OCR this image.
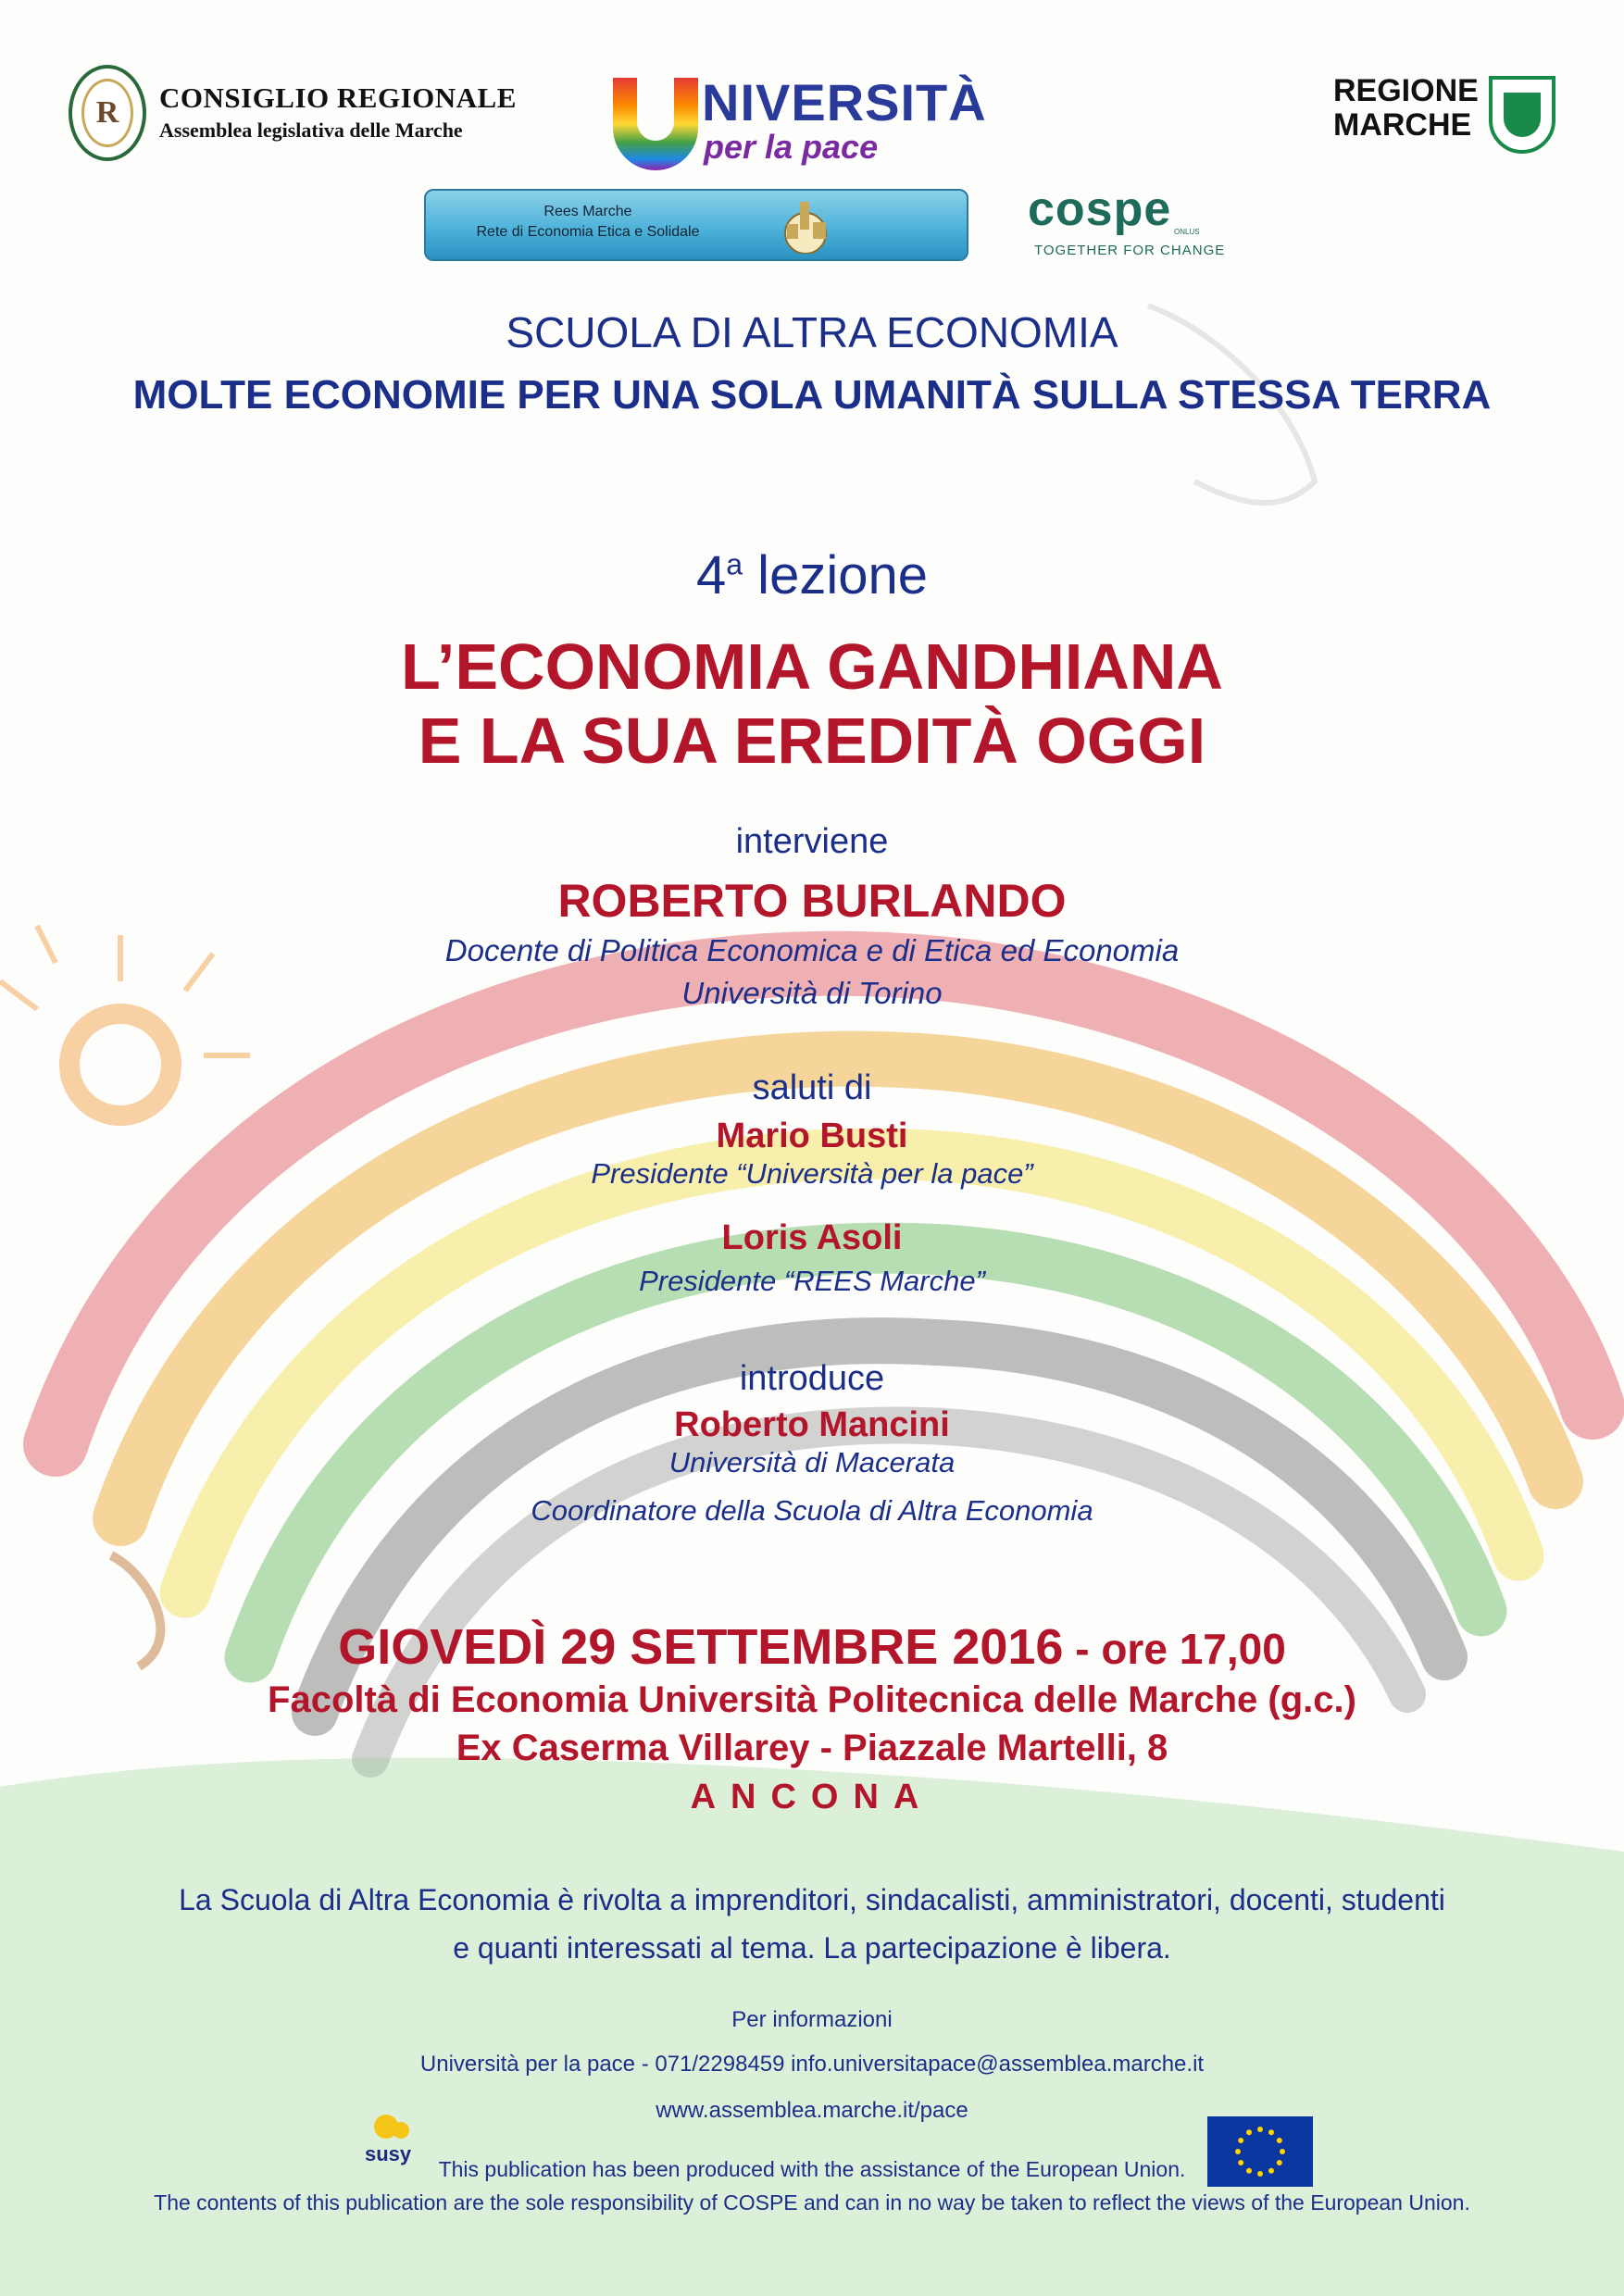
R	CONSIGLIO REGIONALE
Assemblea legislativa delle Marche	NIVERSITÀ
per la pace
REGIONE
MARCHE
Rees Marche
Rete di Economia Etica e Solidale	cospe ONLUS
TOGETHER FOR CHANGE
SCUOLA DI ALTRA ECONOMIA
MOLTE ECONOMIE PER UNA SOLA UMANITÀ SULLA STESSA TERRA
4$^a$ lezione
L’ECONOMIA GANDHIANA
E LA SUA EREDITÀ OGGI
interviene
ROBERTO BURLANDO
Docente di Politica Economica e di Etica ed Economia
Università di Torino
saluti di
Mario Busti
Presidente “Università per la pace”
Loris Asoli
Presidente “REES Marche”
introduce
Roberto Mancini
Università di Macerata
Coordinatore della Scuola di Altra Economia
GIOVEDÌ 29 SETTEMBRE 2016 - ore 17,00
Facoltà di Economia Università Politecnica delle Marche (g.c.)
Ex Caserma Villarey - Piazzale Martelli, 8
ANCONA
La Scuola di Altra Economia è rivolta a imprenditori, sindacalisti, amministratori, docenti, studenti
e quanti interessati al tema. La partecipazione è libera.
Per informazioni
Università per la pace - 071/2298459 info.universitapace@assemblea.marche.it
www.assemblea.marche.it/pace
susy
This publication has been produced with the assistance of the European Union.
The contents of this publication are the sole responsibility of COSPE and can in no way be taken to reflect the views of the European Union.
